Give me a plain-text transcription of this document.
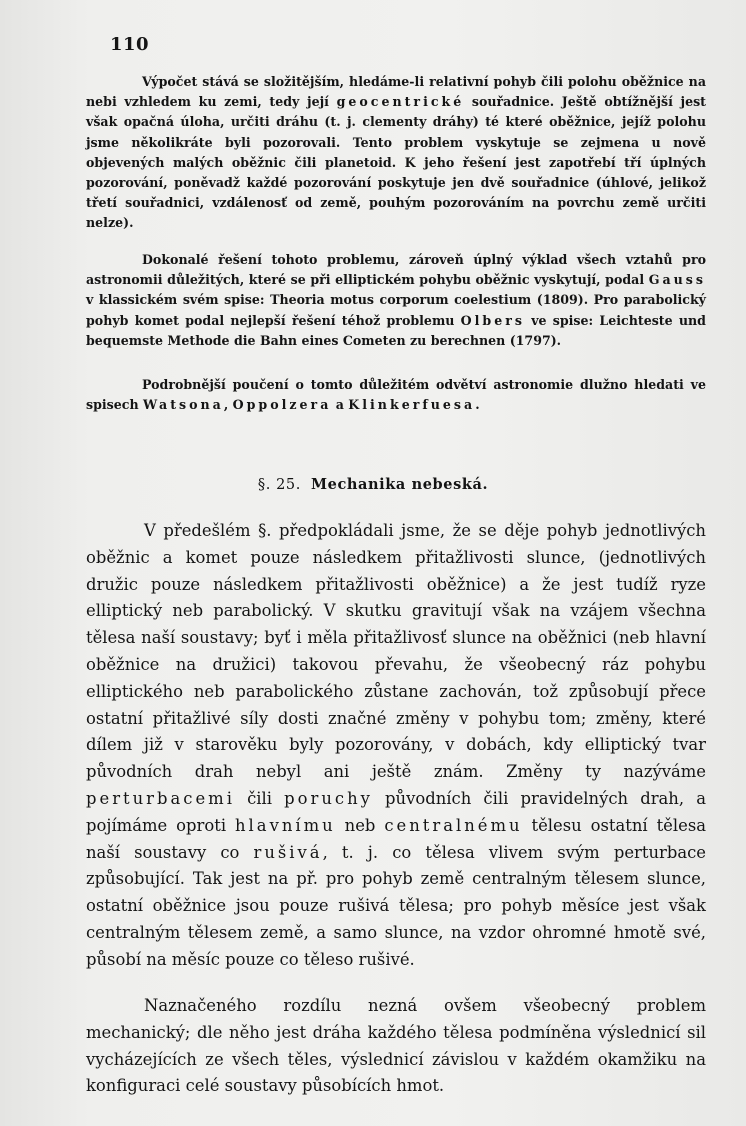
110

Výpočet stává se složitějším, hledáme-li relativní pohyb čili polohu oběžnice na nebi vzhledem ku zemi, tedy její geocentrické souřadnice. Ještě obtížnější jest však opačná úloha, určiti dráhu (t. j. clementy dráhy) té které oběžnice, jejíž polohu jsme několikráte byli pozorovali. Tento problem vyskytuje se zejmena u nově objevených malých oběžnic čili planetoid. K jeho řešení jest zapotřebí tří úplných pozorování, poněvadž každé pozorování poskytuje jen dvě souřadnice (úhlové, jelikož třetí souřadnici, vzdálenosť od země, pouhým pozorováním na povrchu země určiti nelze).

Dokonalé řešení tohoto problemu, zároveň úplný výklad všech vztahů pro astronomii důležitých, které se při elliptickém pohybu oběžnic vyskytují, podal Gauss v klassickém svém spise: Theoria motus corporum coelestium (1809). Pro parabolický pohyb komet podal nejlepší řešení téhož problemu Olbers ve spise: Leichteste und bequemste Methode die Bahn eines Cometen zu berechnen (1797).

Podrobnější poučení o tomto důležitém odvětví astronomie dlužno hledati ve spisech Watsona, Oppolzera a Klinkerfuesa.

§. 25. Mechanika nebeská.

V předešlém §. předpokládali jsme, že se děje pohyb jednotlivých oběžnic a komet pouze následkem přitažlivosti slunce, (jednotlivých družic pouze následkem přitažlivosti oběžnice) a že jest tudíž ryze elliptický neb parabolický. V skutku gravitují však na vzájem všechna tělesa naší soustavy; byť i měla přitažlivosť slunce na oběžnici (neb hlavní oběžnice na družici) takovou převahu, že všeobecný ráz pohybu elliptického neb parabolického zůstane zachován, tož způsobují přece ostatní přitažlivé síly dosti značné změny v pohybu tom; změny, které dílem již v starověku byly pozorovány, v dobách, kdy elliptický tvar původních drah nebyl ani ještě znám. Změny ty nazýváme perturbacemi čili poruchy původních čili pravidelných drah, a pojímáme oproti hlavnímu neb centralnému tělesu ostatní tělesa naší soustavy co rušivá, t. j. co tělesa vlivem svým perturbace způsobující. Tak jest na př. pro pohyb země centralným tělesem slunce, ostatní oběžnice jsou pouze rušivá tělesa; pro pohyb měsíce jest však centralným tělesem země, a samo slunce, na vzdor ohromné hmotě své, působí na měsíc pouze co těleso rušivé.

Naznačeného rozdílu nezná ovšem všeobecný problem mechanický; dle něho jest dráha každého tělesa podmíněna výslednicí sil vycházejících ze všech těles, výslednicí závislou v každém okamžiku na konfiguraci celé soustavy působících hmot.
